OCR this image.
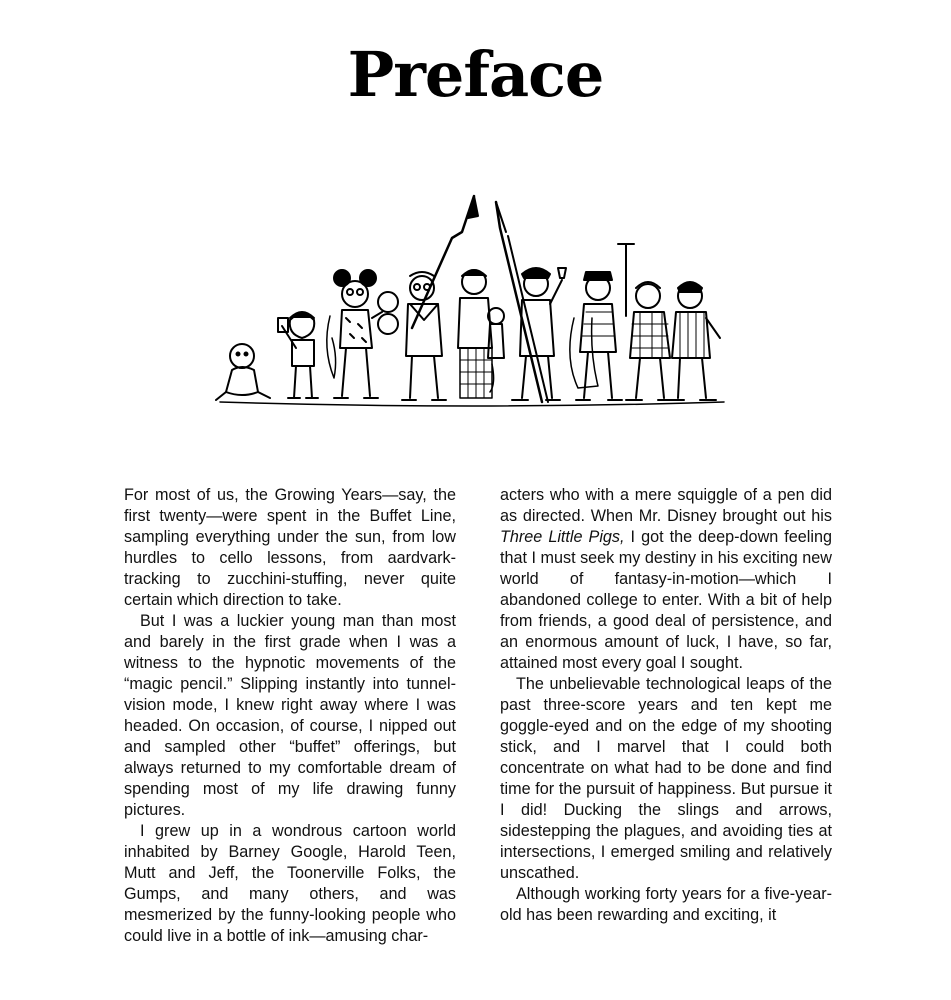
Preface

For most of us, the Growing Years—say, the first twenty—were spent in the Buffet Line, sampling everything under the sun, from low hurdles to cello lessons, from aardvark-tracking to zucchini-stuffing, never quite certain which direction to take.

But I was a luckier young man than most and barely in the first grade when I was a witness to the hypnotic movements of the “magic pencil.” Slipping instantly into tunnel-vision mode, I knew right away where I was headed. On occasion, of course, I nipped out and sampled other “buffet” offerings, but always returned to my comfortable dream of spending most of my life drawing funny pictures.

I grew up in a wondrous cartoon world inhabited by Barney Google, Harold Teen, Mutt and Jeff, the Toonerville Folks, the Gumps, and many others, and was mesmerized by the funny-looking people who could live in a bottle of ink—amusing char-

acters who with a mere squiggle of a pen did as directed. When Mr. Disney brought out his Three Little Pigs, I got the deep-down feeling that I must seek my destiny in his exciting new world of fantasy-in-motion—which I abandoned college to enter. With a bit of help from friends, a good deal of persistence, and an enormous amount of luck, I have, so far, attained most every goal I sought.

The unbelievable technological leaps of the past three-score years and ten kept me goggle-eyed and on the edge of my shooting stick, and I marvel that I could both concentrate on what had to be done and find time for the pursuit of happiness. But pursue it I did! Ducking the slings and arrows, sidestepping the plagues, and avoiding ties at intersections, I emerged smiling and relatively unscathed.

Although working forty years for a five-year-old has been rewarding and exciting, it
